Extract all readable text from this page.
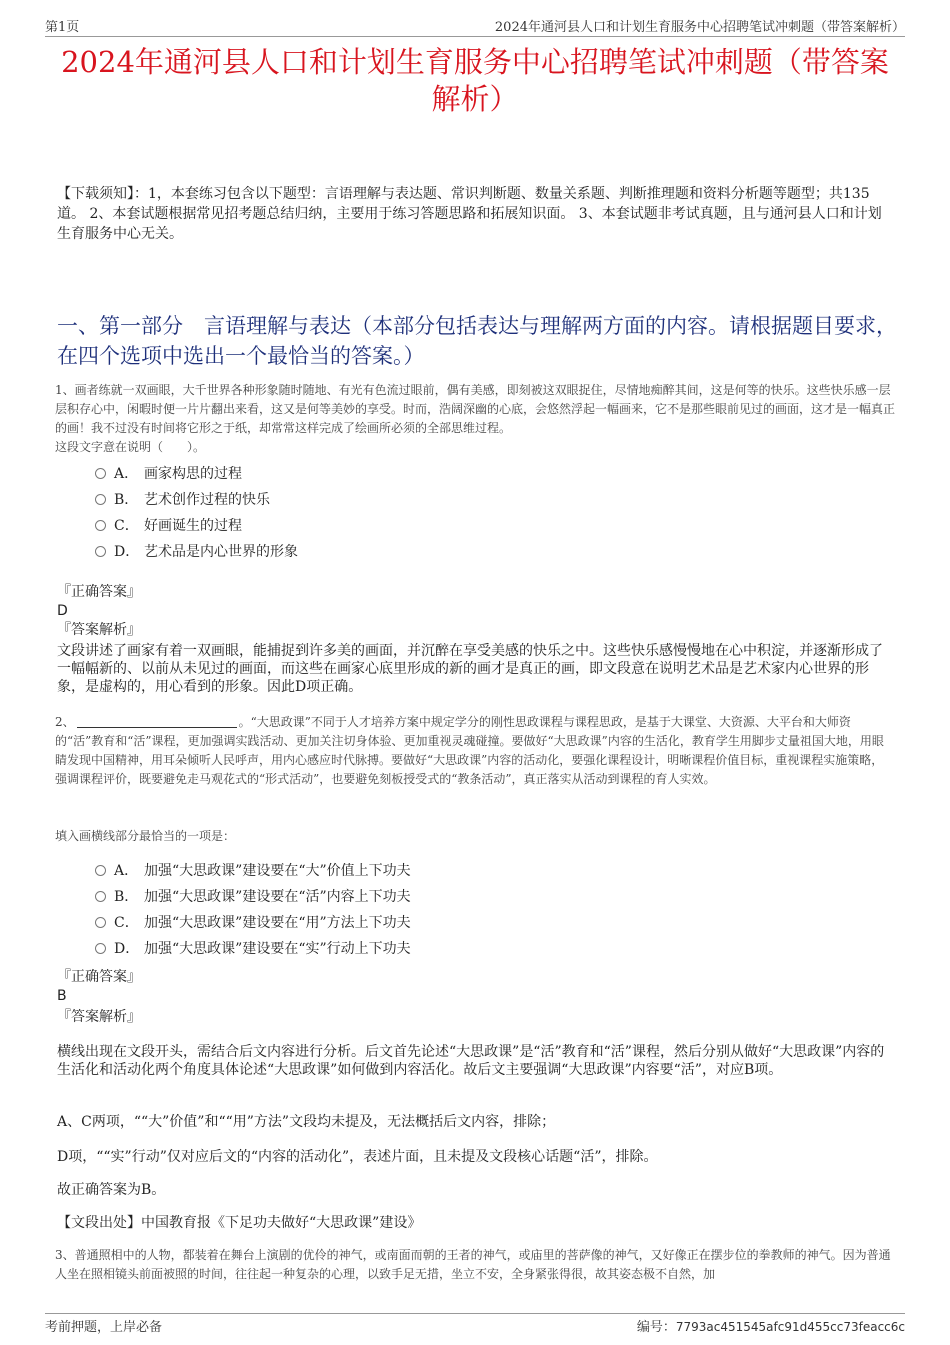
第1页	2024年通河县人口和计划生育服务中心招聘笔试冲刺题（带答案解析）
2024年通河县人口和计划生育服务中心招聘笔试冲刺题（带答案解析）
【下载须知】：1，本套练习包含以下题型：言语理解与表达题、常识判断题、数量关系题、判断推理题和资料分析题等题型；共135道。 2、本套试题根据常见招考题总结归纳，主要用于练习答题思路和拓展知识面。 3、本套试题非考试真题，且与通河县人口和计划生育服务中心无关。
一、第一部分　言语理解与表达（本部分包括表达与理解两方面的内容。请根据题目要求，在四个选项中选出一个最恰当的答案。）
1、画者练就一双画眼，大千世界各种形象随时随地、有光有色流过眼前，偶有美感，即刻被这双眼捉住，尽情地痴醉其间，这是何等的快乐。这些快乐感一层层积存心中，闲暇时便一片片翻出来看，这又是何等美妙的享受。时而，浩阔深幽的心底，会悠然浮起一幅画来，它不是那些眼前见过的画面，这才是一幅真正的画！我不过没有时间将它形之于纸，却常常这样完成了绘画所必须的全部思维过程。
这段文字意在说明（　　）。
A． 画家构思的过程
B． 艺术创作过程的快乐
C． 好画诞生的过程
D． 艺术品是内心世界的形象
『正确答案』
D
『答案解析』
文段讲述了画家有着一双画眼，能捕捉到许多美的画面，并沉醉在享受美感的快乐之中。这些快乐感慢慢地在心中积淀，并逐渐形成了一幅幅新的、以前从未见过的画面，而这些在画家心底里形成的新的画才是真正的画，即文段意在说明艺术品是艺术家内心世界的形象，是虚构的，用心看到的形象。因此D项正确。
2、	。“大思政课”不同于人才培养方案中规定学分的刚性思政课程与课程思政，是基于大课堂、大资源、大平台和大师资的“活”教育和“活”课程，更加强调实践活动、更加关注切身体验、更加重视灵魂碰撞。要做好“大思政课”内容的生活化，教育学生用脚步丈量祖国大地，用眼睛发现中国精神，用耳朵倾听人民呼声，用内心感应时代脉搏。要做好“大思政课”内容的活动化，要强化课程设计，明晰课程价值目标，重视课程实施策略，强调课程评价，既要避免走马观花式的“形式活动”，也要避免刻板授受式的“教条活动”，真正落实从活动到课程的育人实效。
填入画横线部分最恰当的一项是：
A． 加强“大思政课”建设要在“大”价值上下功夫
B． 加强“大思政课”建设要在“活”内容上下功夫
C． 加强“大思政课”建设要在“用”方法上下功夫
D． 加强“大思政课”建设要在“实”行动上下功夫
『正确答案』
B
『答案解析』
横线出现在文段开头，需结合后文内容进行分析。后文首先论述“大思政课”是“活”教育和“活”课程，然后分别从做好“大思政课”内容的生活化和活动化两个角度具体论述“大思政课”如何做到内容活化。故后文主要强调“大思政课”内容要“活”，对应B项。
A、C两项，““大”价值”和““用”方法”文段均未提及，无法概括后文内容，排除；
D项，““实”行动”仅对应后文的“内容的活动化”，表述片面，且未提及文段核心话题“活”，排除。
故正确答案为B。
【文段出处】中国教育报《下足功夫做好“大思政课”建设》
3、普通照相中的人物，都装着在舞台上演剧的优伶的神气，或南面而朝的王者的神气，或庙里的菩萨像的神气，又好像正在摆步位的拳教师的神气。因为普通人坐在照相镜头前面被照的时间，往往起一种复杂的心理，以致手足无措，坐立不安，全身紧张得很，故其姿态极不自然，加
考前押题，上岸必备	编号：7793ac451545afc91d455cc73feacc6c
